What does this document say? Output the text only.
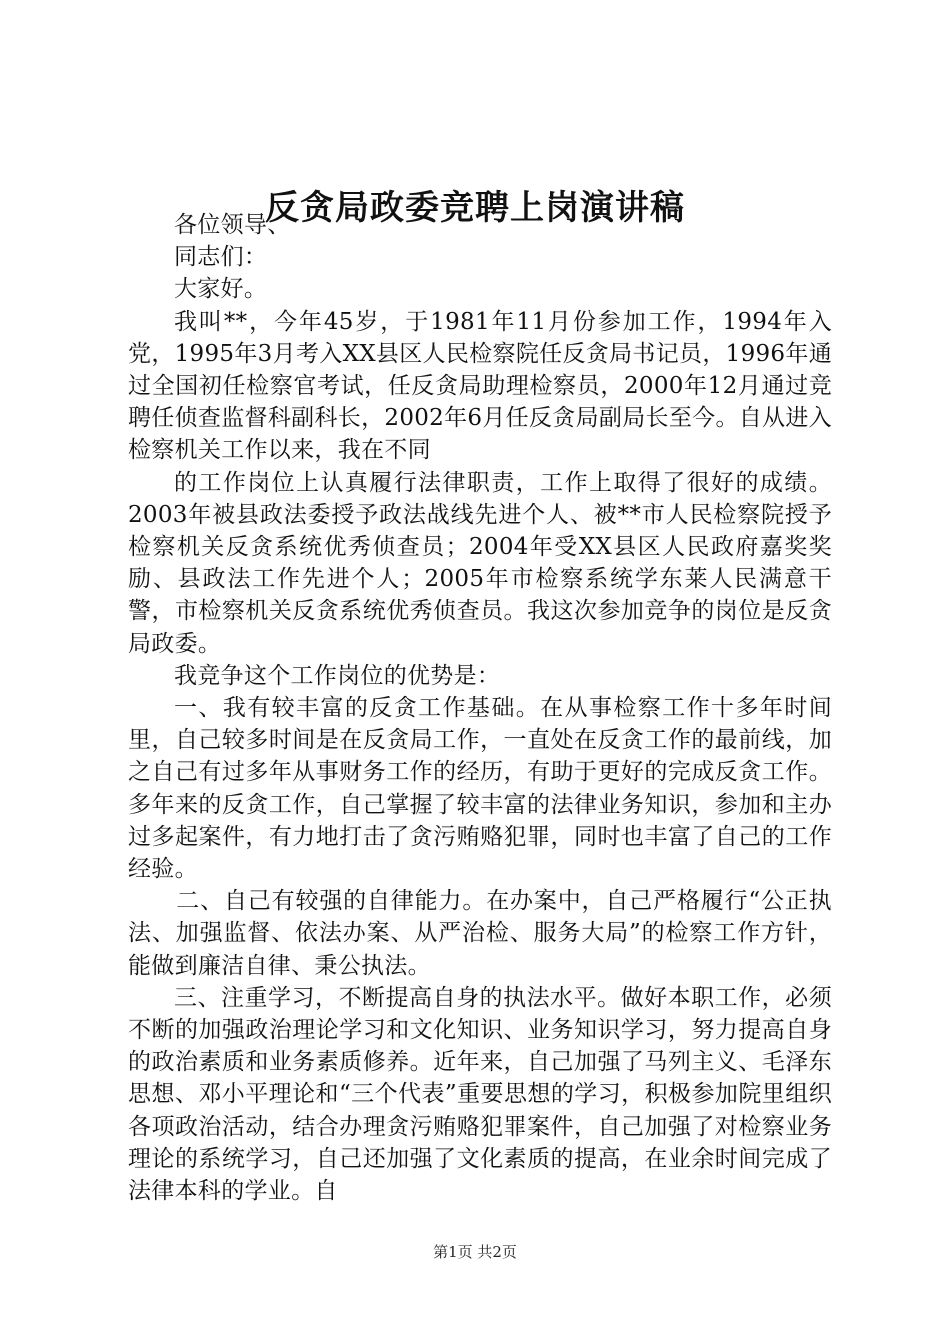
反贪局政委竞聘上岗演讲稿

各位领导、

同志们：

大家好。

我叫**，今年45岁，于1981年11月份参加工作，1994年入党，1995年3月考入XX县区人民检察院任反贪局书记员，1996年通过全国初任检察官考试，任反贪局助理检察员，2000年12月通过竞聘任侦查监督科副科长，2002年6月任反贪局副局长至今。自从进入检察机关工作以来，我在不同

的工作岗位上认真履行法律职责，工作上取得了很好的成绩。2003年被县政法委授予政法战线先进个人、被**市人民检察院授予检察机关反贪系统优秀侦查员；2004年受XX县区人民政府嘉奖奖励、县政法工作先进个人；2005年市检察系统学东莱人民满意干警，市检察机关反贪系统优秀侦查员。我这次参加竞争的岗位是反贪局政委。

我竞争这个工作岗位的优势是：

一、我有较丰富的反贪工作基础。在从事检察工作十多年时间里，自己较多时间是在反贪局工作，一直处在反贪工作的最前线，加之自己有过多年从事财务工作的经历，有助于更好的完成反贪工作。多年来的反贪工作，自己掌握了较丰富的法律业务知识，参加和主办过多起案件，有力地打击了贪污贿赂犯罪，同时也丰富了自己的工作经验。

二、自己有较强的自律能力。在办案中，自己严格履行“公正执法、加强监督、依法办案、从严治检、服务大局”的检察工作方针，能做到廉洁自律、秉公执法。

三、注重学习，不断提高自身的执法水平。做好本职工作，必须不断的加强政治理论学习和文化知识、业务知识学习，努力提高自身的政治素质和业务素质修养。近年来，自己加强了马列主义、毛泽东思想、邓小平理论和“三个代表”重要思想的学习，积极参加院里组织各项政治活动，结合办理贪污贿赂犯罪案件，自己加强了对检察业务理论的系统学习，自己还加强了文化素质的提高，在业余时间完成了法律本科的学业。自

第1页 共2页
